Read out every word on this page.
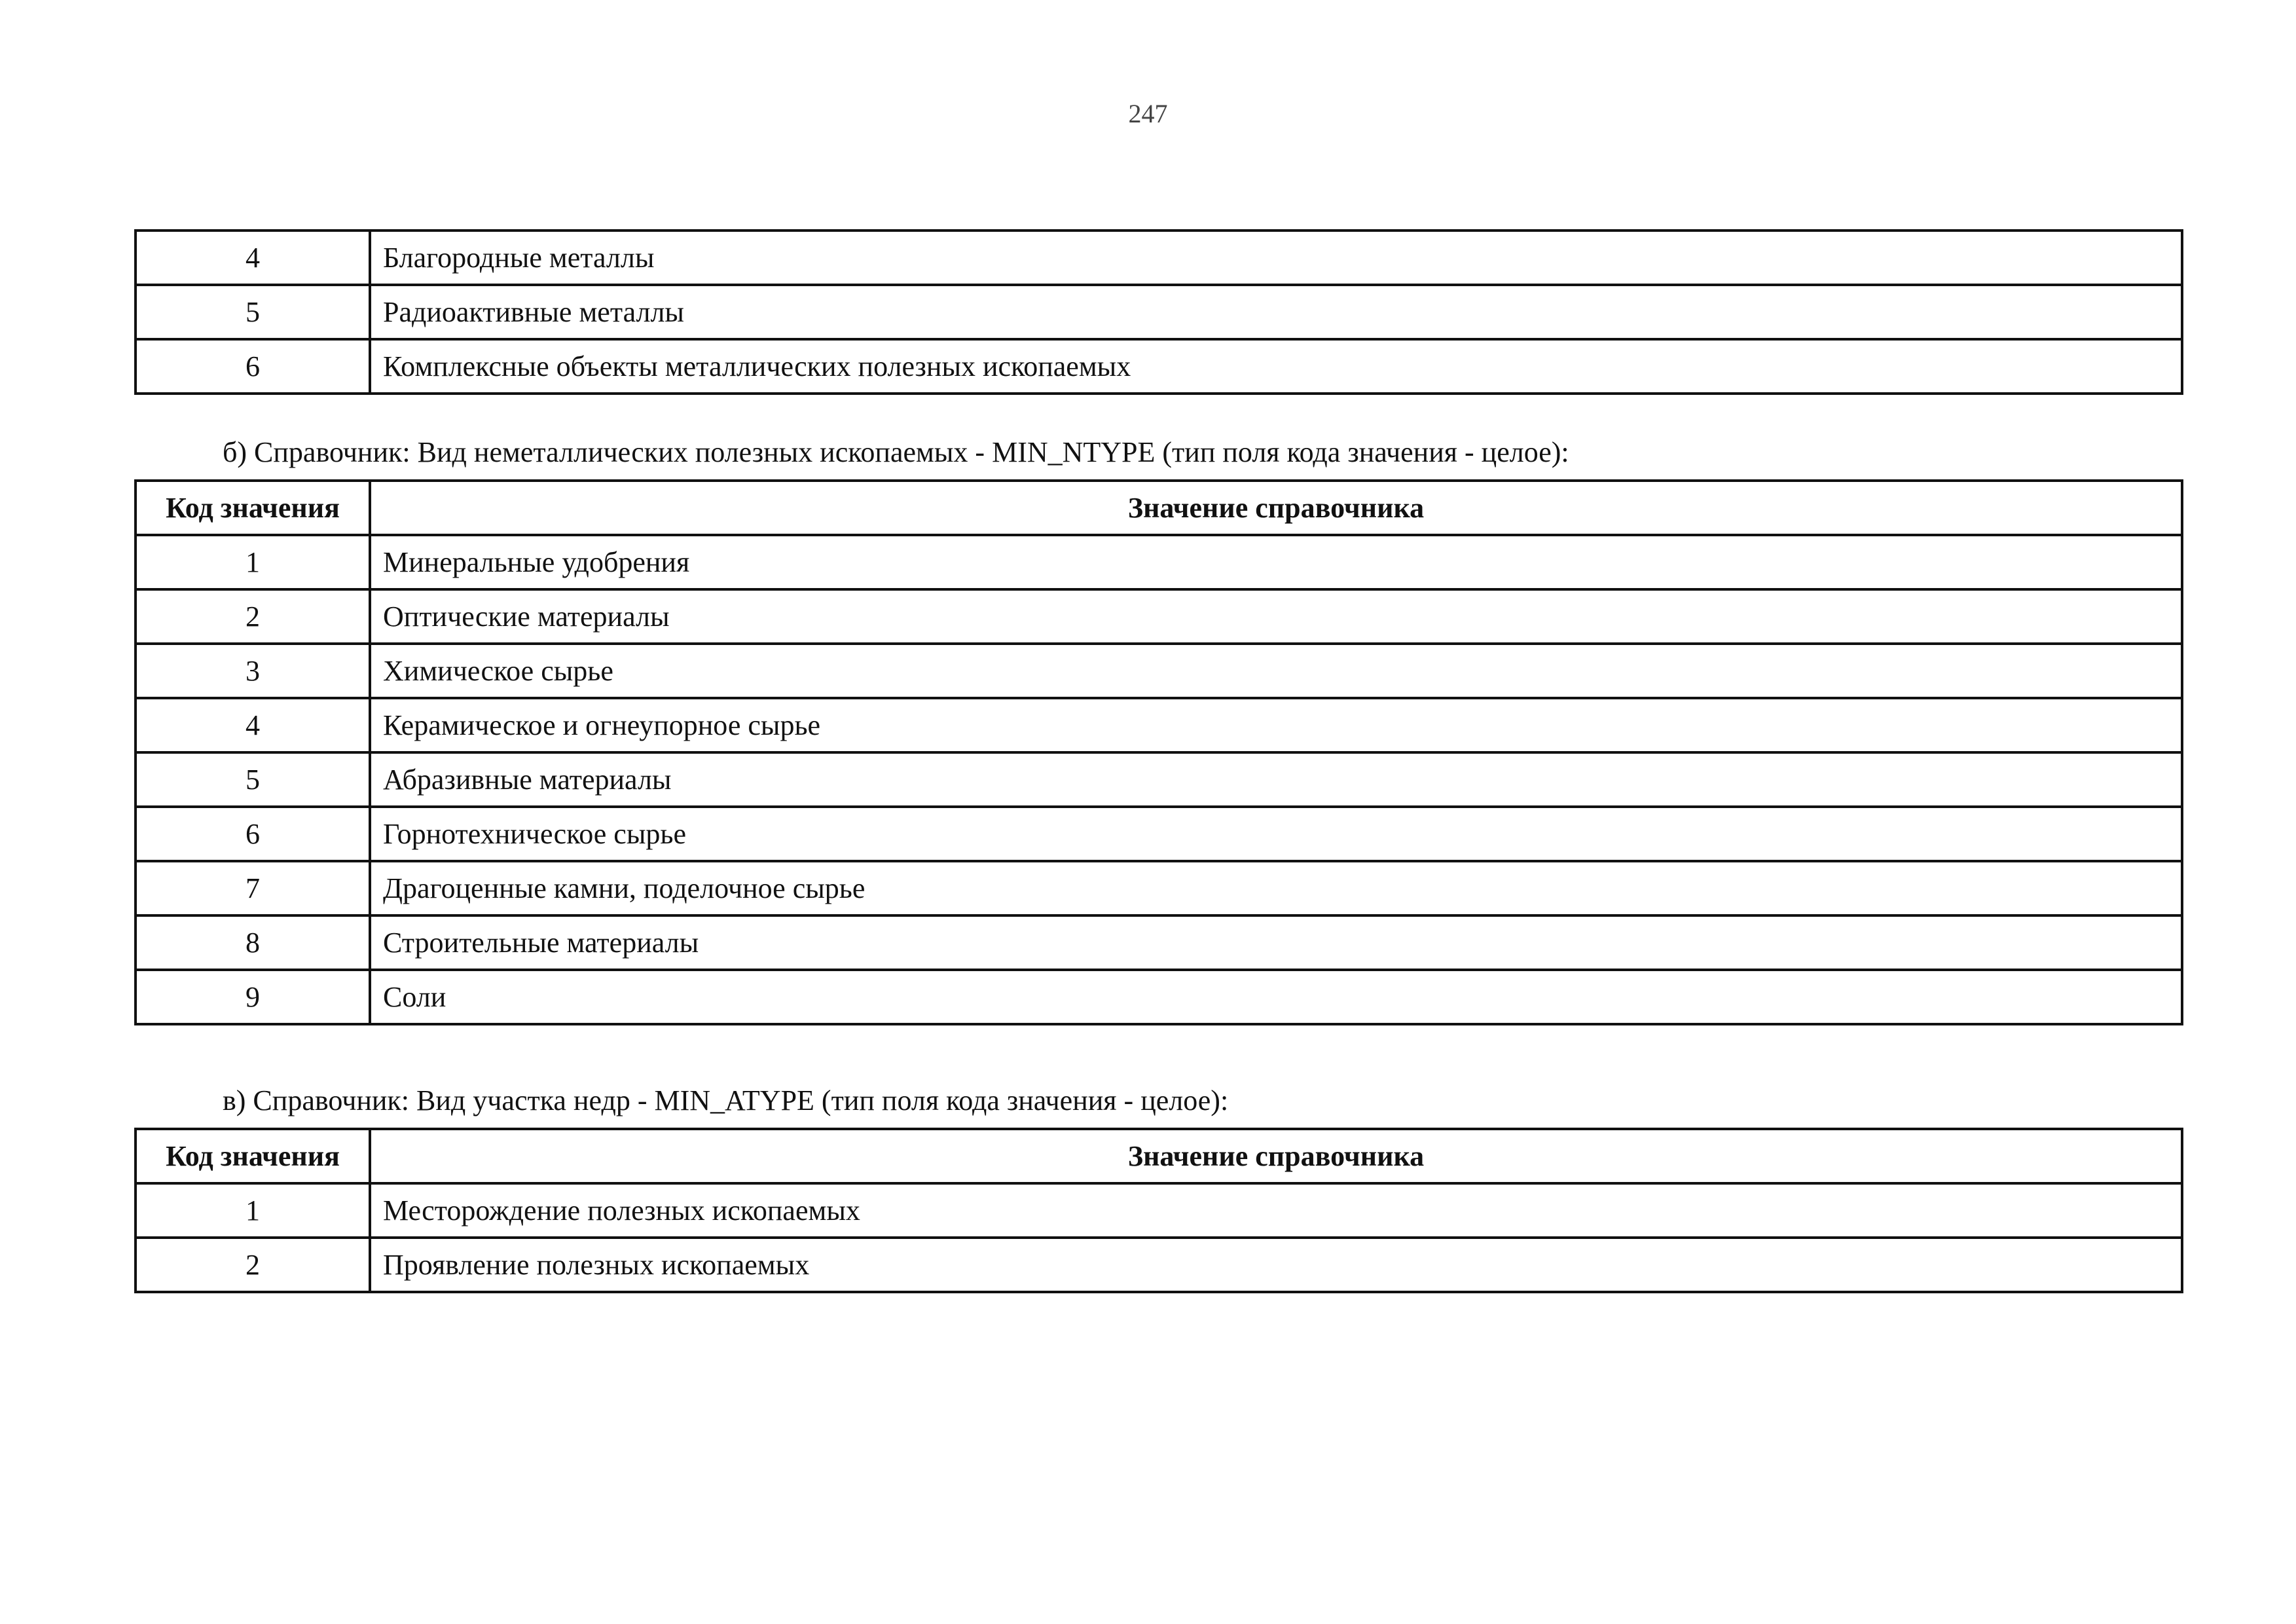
247
4	Благородные металлы
5	Радиоактивные металлы
6	Комплексные объекты металлических полезных ископаемых
б) Справочник: Вид неметаллических полезных ископаемых - MIN_NTYPE (тип поля кода значения - целое):
Код значения	Значение справочника
1	Минеральные удобрения
2	Оптические материалы
3	Химическое сырье
4	Керамическое и огнеупорное сырье
5	Абразивные материалы
6	Горнотехническое сырье
7	Драгоценные камни, поделочное сырье
8	Строительные материалы
9	Соли
в) Справочник: Вид участка недр - MIN_ATYPE (тип поля кода значения - целое):
Код значения	Значение справочника
1	Месторождение полезных ископаемых
2	Проявление полезных ископаемых
